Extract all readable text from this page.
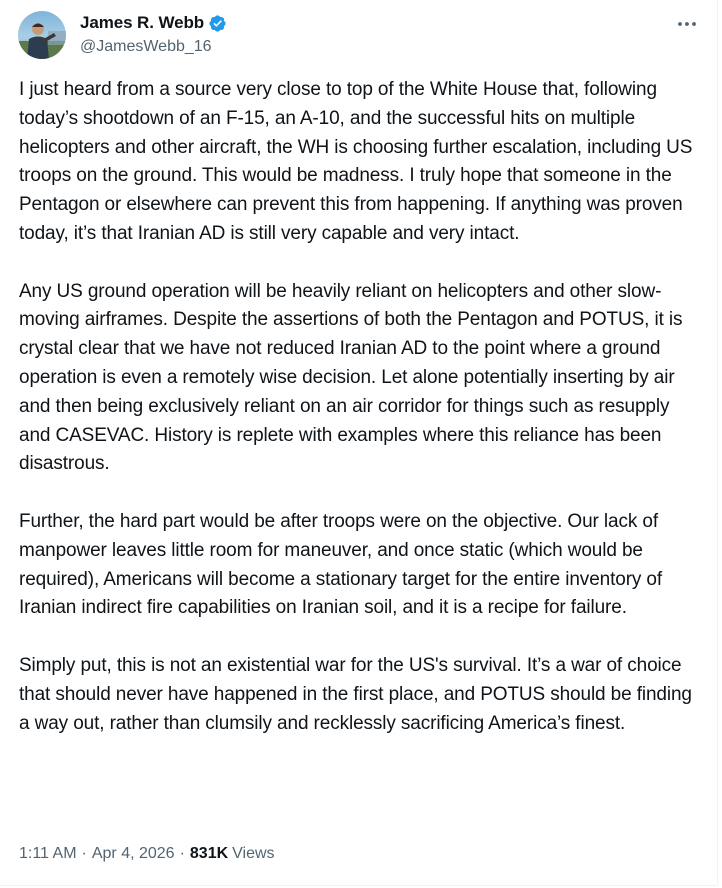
James R. Webb
@JamesWebb_16

I just heard from a source very close to top of the White House that, following today’s shootdown of an F-15, an A-10, and the successful hits on multiple helicopters and other aircraft, the WH is choosing further escalation, including US troops on the ground. This would be madness. I truly hope that someone in the Pentagon or elsewhere can prevent this from happening. If anything was proven today, it’s that Iranian AD is still very capable and very intact.

Any US ground operation will be heavily reliant on helicopters and other slow-moving airframes. Despite the assertions of both the Pentagon and POTUS, it is crystal clear that we have not reduced Iranian AD to the point where a ground operation is even a remotely wise decision. Let alone potentially inserting by air and then being exclusively reliant on an air corridor for things such as resupply and CASEVAC. History is replete with examples where this reliance has been disastrous.

Further, the hard part would be after troops were on the objective. Our lack of manpower leaves little room for maneuver, and once static (which would be required), Americans will become a stationary target for the entire inventory of Iranian indirect fire capabilities on Iranian soil, and it is a recipe for failure.

Simply put, this is not an existential war for the US's survival. It’s a war of choice that should never have happened in the first place, and POTUS should be finding a way out, rather than clumsily and recklessly sacrificing America’s finest.

1:11 AM · Apr 4, 2026 · 831K Views
